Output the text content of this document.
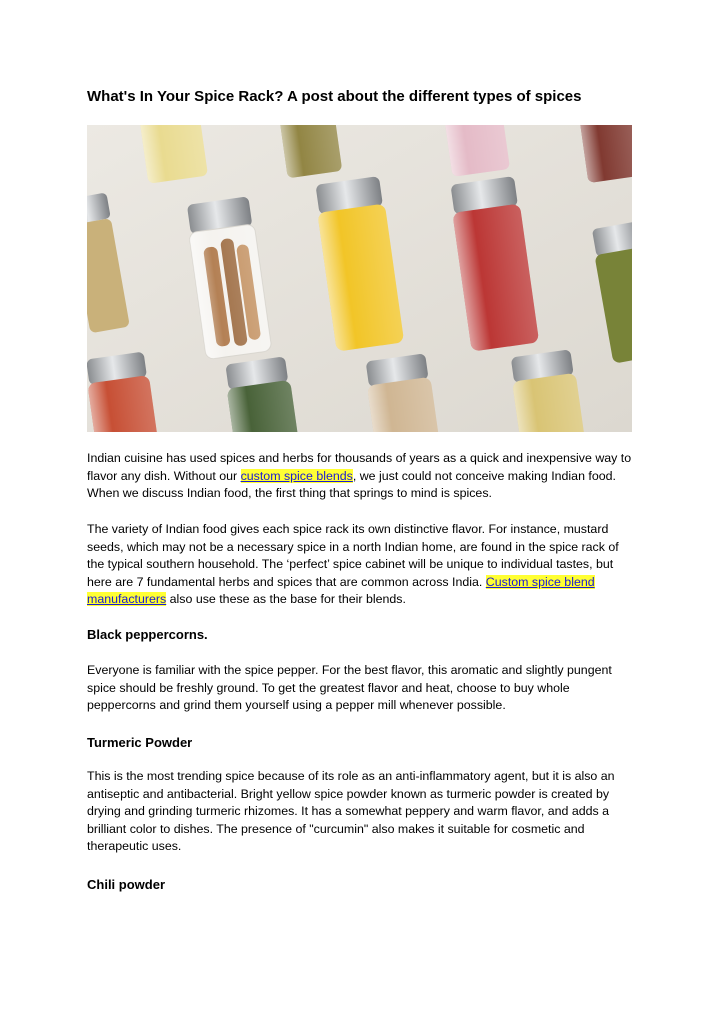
What's In Your Spice Rack? A post about the different types of spices

Indian cuisine has used spices and herbs for thousands of years as a quick and inexpensive way to flavor any dish. Without our custom spice blends, we just could not conceive making Indian food. When we discuss Indian food, the first thing that springs to mind is spices.

The variety of Indian food gives each spice rack its own distinctive flavor. For instance, mustard seeds, which may not be a necessary spice in a north Indian home, are found in the spice rack of the typical southern household. The ‘perfect’ spice cabinet will be unique to individual tastes, but here are 7 fundamental herbs and spices that are common across India. Custom spice blend manufacturers also use these as the base for their blends.

Black peppercorns.

Everyone is familiar with the spice pepper. For the best flavor, this aromatic and slightly pungent spice should be freshly ground. To get the greatest flavor and heat, choose to buy whole peppercorns and grind them yourself using a pepper mill whenever possible.

Turmeric Powder

This is the most trending spice because of its role as an anti-inflammatory agent, but it is also an antiseptic and antibacterial. Bright yellow spice powder known as turmeric powder is created by drying and grinding turmeric rhizomes. It has a somewhat peppery and warm flavor, and adds a brilliant color to dishes. The presence of "curcumin" also makes it suitable for cosmetic and therapeutic uses.

Chili powder
